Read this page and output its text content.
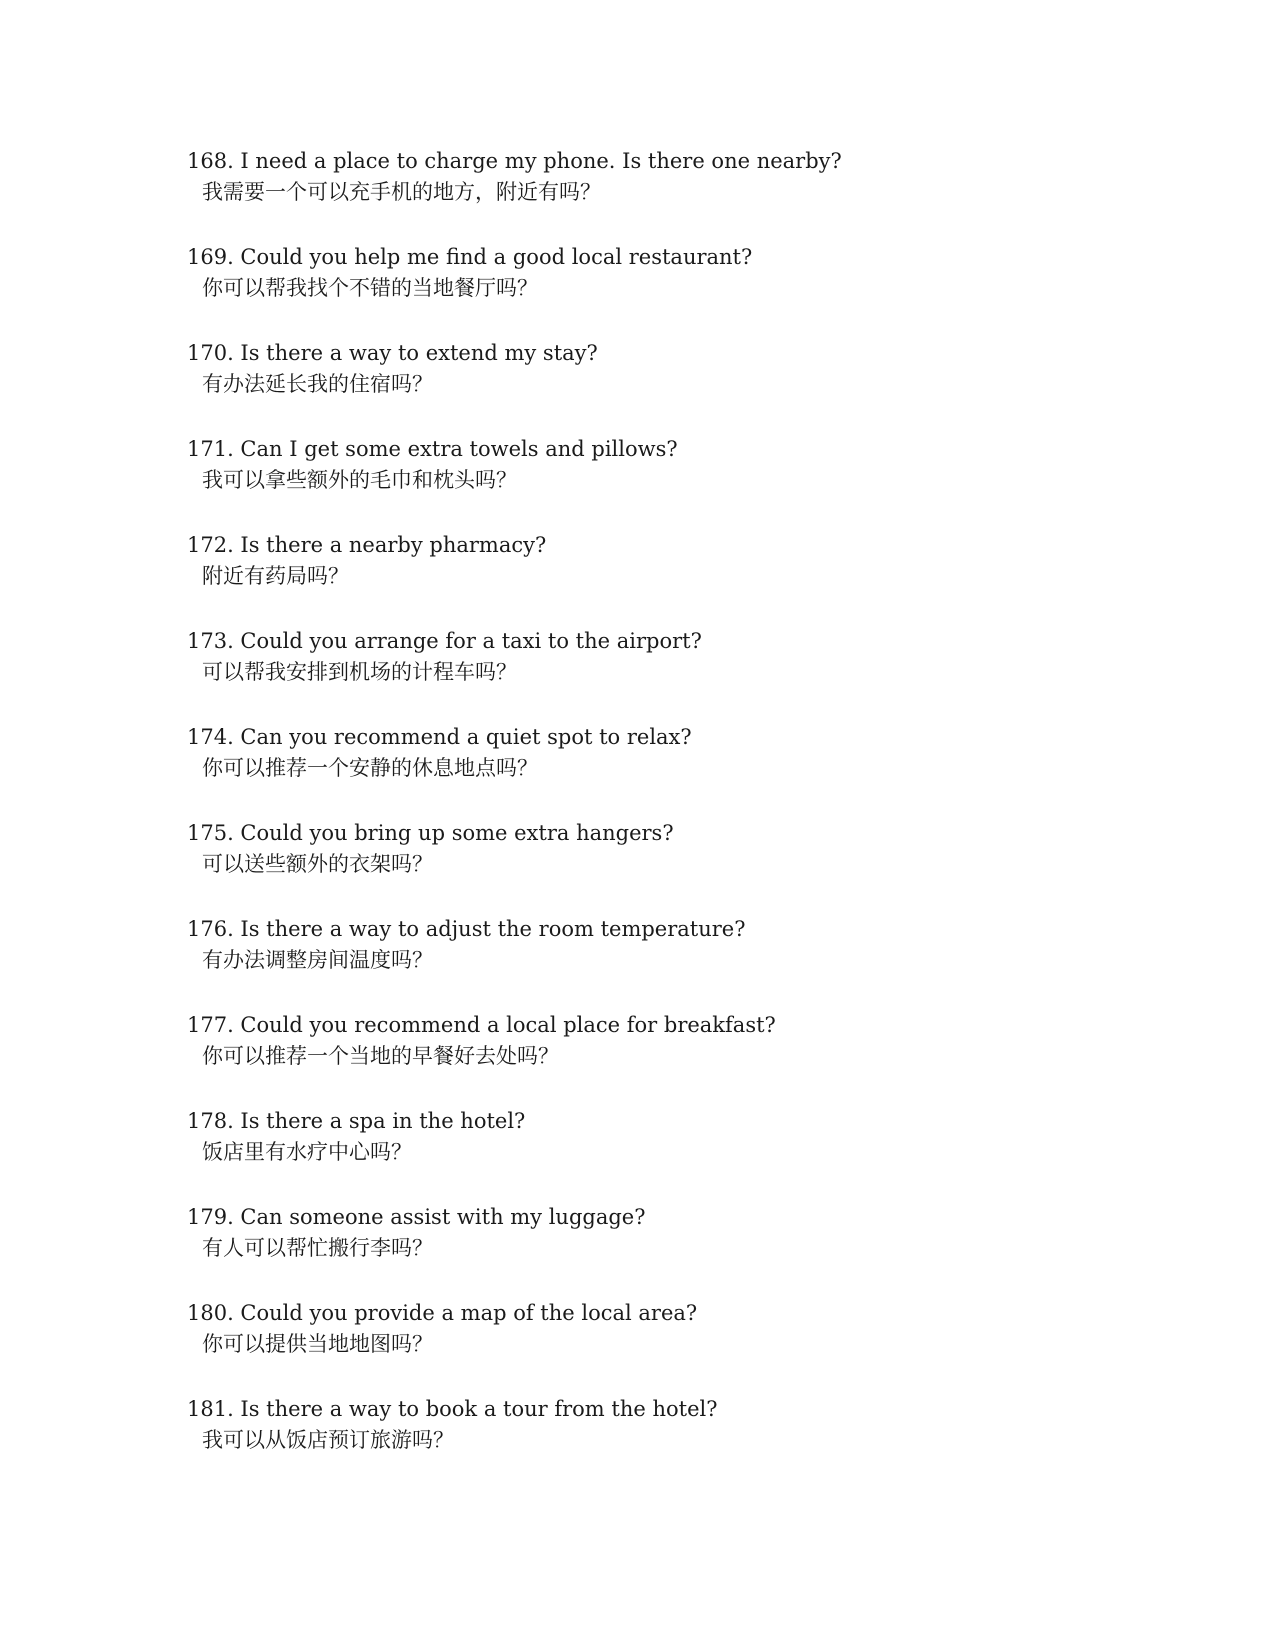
168. I need a place to charge my phone. Is there one nearby?
我需要一个可以充手机的地方，附近有吗？
169. Could you help me find a good local restaurant?
你可以帮我找个不错的当地餐厅吗？
170. Is there a way to extend my stay?
有办法延长我的住宿吗？
171. Can I get some extra towels and pillows?
我可以拿些额外的毛巾和枕头吗？
172. Is there a nearby pharmacy?
附近有药局吗？
173. Could you arrange for a taxi to the airport?
可以帮我安排到机场的计程车吗？
174. Can you recommend a quiet spot to relax?
你可以推荐一个安静的休息地点吗？
175. Could you bring up some extra hangers?
可以送些额外的衣架吗？
176. Is there a way to adjust the room temperature?
有办法调整房间温度吗？
177. Could you recommend a local place for breakfast?
你可以推荐一个当地的早餐好去处吗？
178. Is there a spa in the hotel?
饭店里有水疗中心吗？
179. Can someone assist with my luggage?
有人可以帮忙搬行李吗？
180. Could you provide a map of the local area?
你可以提供当地地图吗？
181. Is there a way to book a tour from the hotel?
我可以从饭店预订旅游吗？
